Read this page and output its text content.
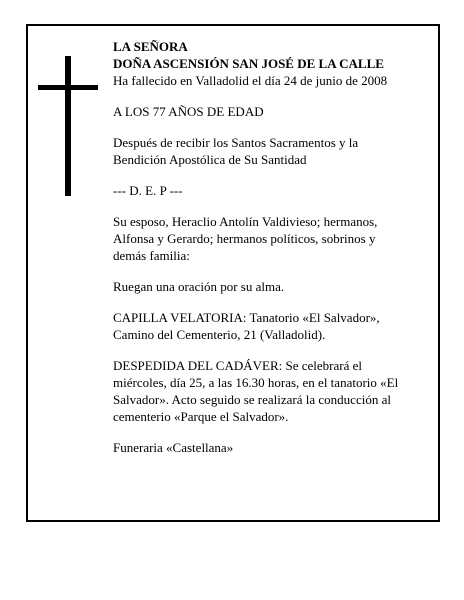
LA SEÑORA
DOÑA ASCENSIÓN SAN JOSÉ DE LA CALLE
Ha fallecido en Valladolid el día 24 de junio de 2008

A LOS 77 AÑOS DE EDAD

Después de recibir los Santos Sacramentos y la
Bendición Apostólica de Su Santidad

--- D. E. P ---

Su esposo, Heraclio Antolín Valdivieso; hermanos,
Alfonsa y Gerardo; hermanos políticos, sobrinos y
demás familia:

Ruegan una oración por su alma.

CAPILLA VELATORIA: Tanatorio «El Salvador»,
Camino del Cementerio, 21 (Valladolid).

DESPEDIDA DEL CADÁVER: Se celebrará el
miércoles, día 25, a las 16.30 horas, en el tanatorio «El
Salvador». Acto seguido se realizará la conducción al
cementerio «Parque el Salvador».

Funeraria «Castellana»
